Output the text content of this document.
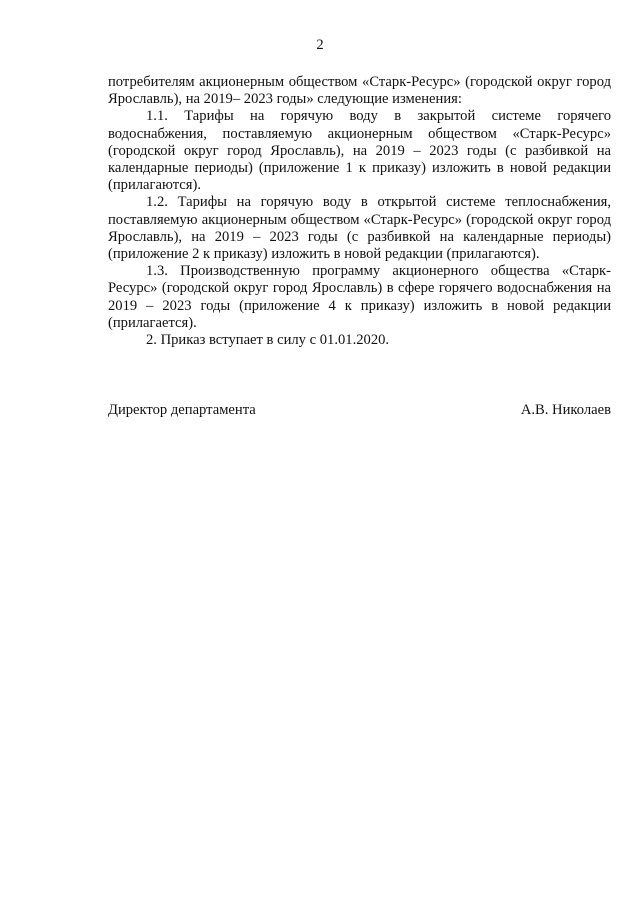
2

потребителям акционерным обществом «Старк-Ресурс» (городской округ город Ярославль), на 2019– 2023 годы» следующие изменения:

1.1. Тарифы на горячую воду в закрытой системе горячего водоснабжения, поставляемую акционерным обществом «Старк-Ресурс» (городской округ город Ярославль), на 2019 – 2023 годы (с разбивкой на календарные периоды) (приложение 1 к приказу) изложить в новой редакции (прилагаются).

1.2. Тарифы на горячую воду в открытой системе теплоснабжения, поставляемую акционерным обществом «Старк-Ресурс» (городской округ город Ярославль), на 2019 – 2023 годы (с разбивкой на календарные периоды) (приложение 2 к приказу) изложить в новой редакции (прилагаются).

1.3. Производственную программу акционерного общества «Старк-Ресурс» (городской округ город Ярославль) в сфере горячего водоснабжения на 2019 – 2023 годы (приложение 4 к приказу) изложить в новой редакции (прилагается).

2. Приказ вступает в силу с 01.01.2020.

Директор департамента	А.В. Николаев
